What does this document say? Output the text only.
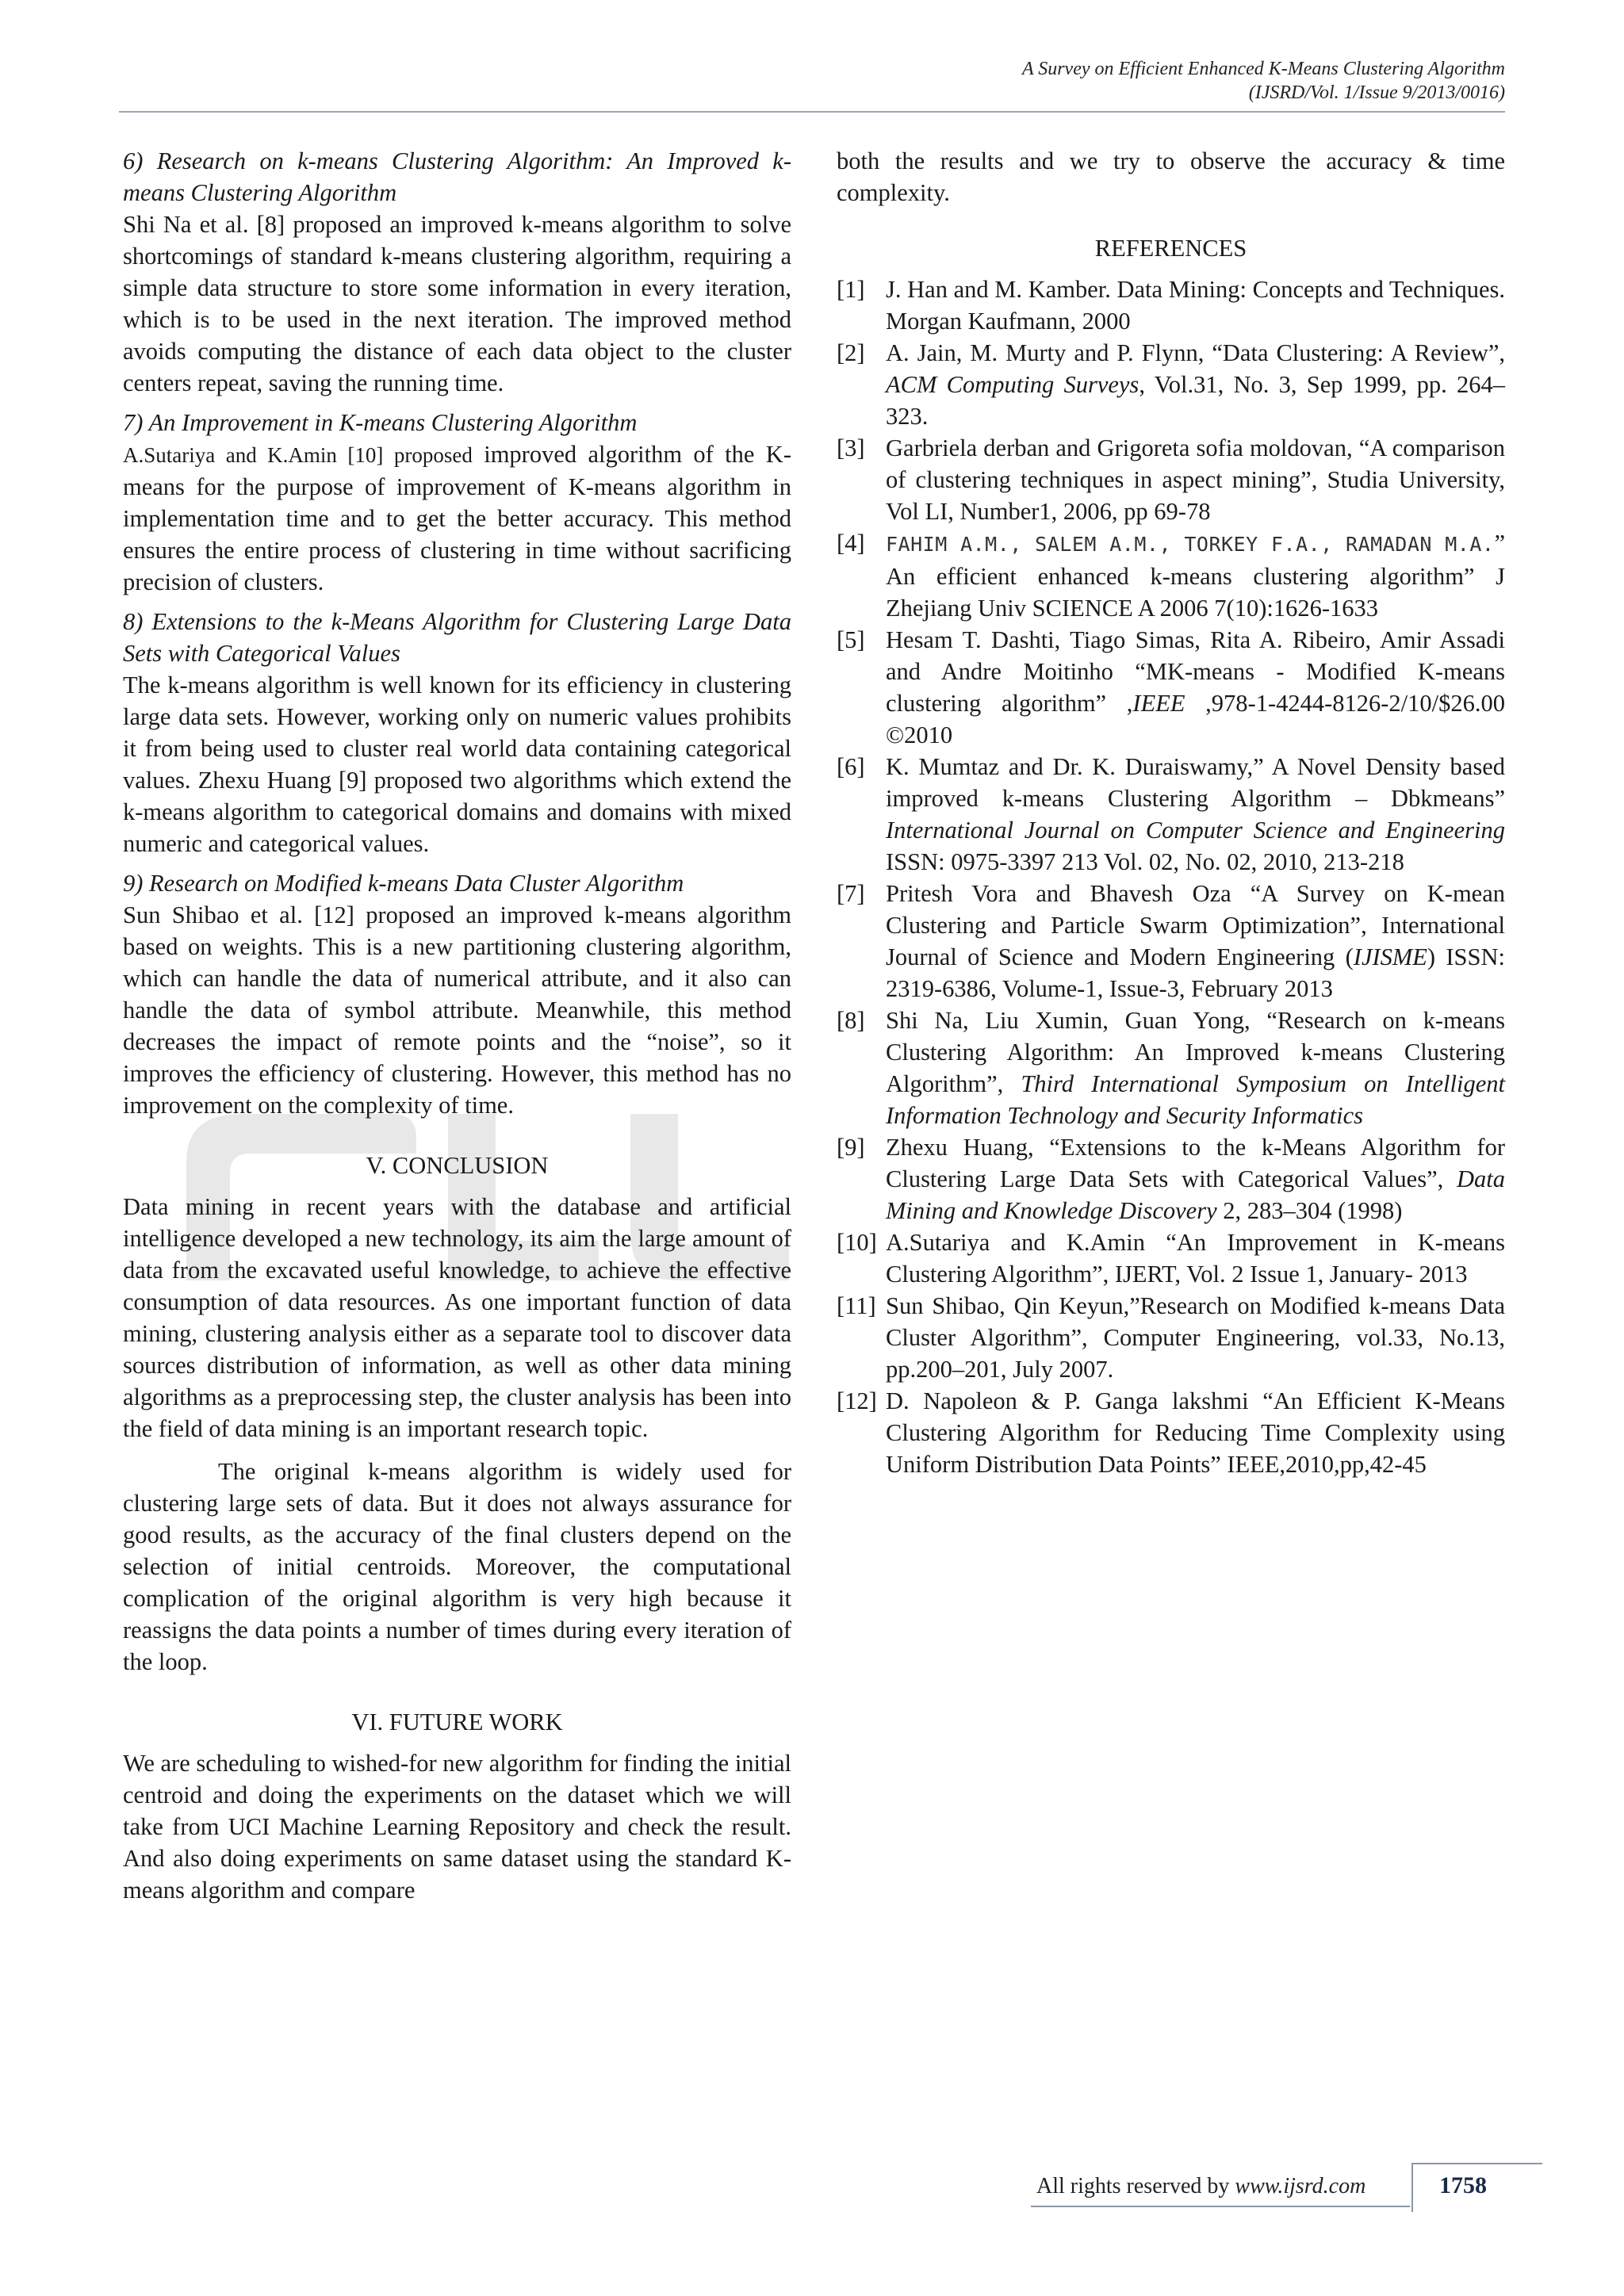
A Survey on Efficient Enhanced K-Means Clustering Algorithm
(IJSRD/Vol. 1/Issue 9/2013/0016)

6) Research on k-means Clustering Algorithm: An Improved k-means Clustering Algorithm

Shi Na et al. [8] proposed an improved k-means algorithm to solve shortcomings of standard k-means clustering algorithm, requiring a simple data structure to store some information in every iteration, which is to be used in the next iteration. The improved method avoids computing the distance of each data object to the cluster centers repeat, saving the running time.

7) An Improvement in K-means Clustering Algorithm

A.Sutariya and K.Amin [10] proposed improved algorithm of the K-means for the purpose of improvement of K-means algorithm in implementation time and to get the better accuracy. This method ensures the entire process of clustering in time without sacrificing precision of clusters.

8) Extensions to the k-Means Algorithm for Clustering Large Data Sets with Categorical Values

The k-means algorithm is well known for its efficiency in clustering large data sets. However, working only on numeric values prohibits it from being used to cluster real world data containing categorical values. Zhexu Huang [9] proposed two algorithms which extend the k-means algorithm to categorical domains and domains with mixed numeric and categorical values.

9) Research on Modified k-means Data Cluster Algorithm

Sun Shibao et al. [12] proposed an improved k-means algorithm based on weights. This is a new partitioning clustering algorithm, which can handle the data of numerical attribute, and it also can handle the data of symbol attribute. Meanwhile, this method decreases the impact of remote points and the “noise”, so it improves the efficiency of clustering. However, this method has no improvement on the complexity of time.

V. CONCLUSION

Data mining in recent years with the database and artificial intelligence developed a new technology, its aim the large amount of data from the excavated useful knowledge, to achieve the effective consumption of data resources. As one important function of data mining, clustering analysis either as a separate tool to discover data sources distribution of information, as well as other data mining algorithms as a preprocessing step, the cluster analysis has been into the field of data mining is an important research topic.

The original k-means algorithm is widely used for clustering large sets of data. But it does not always assurance for good results, as the accuracy of the final clusters depend on the selection of initial centroids. Moreover, the computational complication of the original algorithm is very high because it reassigns the data points a number of times during every iteration of the loop.

VI. FUTURE WORK

We are scheduling to wished-for new algorithm for finding the initial centroid and doing the experiments on the dataset which we will take from UCI Machine Learning Repository and check the result. And also doing experiments on same dataset using the standard K-means algorithm and compare

both the results and we try to observe the accuracy & time complexity.

REFERENCES

[1] J. Han and M. Kamber. Data Mining: Concepts and Techniques. Morgan Kaufmann, 2000
[2] A. Jain, M. Murty and P. Flynn, “Data Clustering: A Review”, ACM Computing Surveys, Vol.31, No. 3, Sep 1999, pp. 264–323.
[3] Garbriela derban and Grigoreta sofia moldovan, “A comparison of clustering techniques in aspect mining”, Studia University, Vol LI, Number1, 2006, pp 69-78
[4]	FAHIM A.M., SALEM A.M., TORKEY F.A., RAMADAN M.A.” An efficient enhanced k-means clustering algorithm” J Zhejiang Univ SCIENCE A 2006 7(10):1626-1633
[5] Hesam T. Dashti, Tiago Simas, Rita A. Ribeiro, Amir Assadi and Andre Moitinho “MK-means - Modified K-means clustering algorithm” ,IEEE ,978-1-4244-8126-2/10/$26.00 ©2010
[6] K. Mumtaz and Dr. K. Duraiswamy,” A Novel Density based improved k-means Clustering Algorithm – Dbkmeans” International Journal on Computer Science and Engineering ISSN: 0975-3397 213 Vol. 02, No. 02, 2010, 213-218
[7] Pritesh Vora and Bhavesh Oza “A Survey on K-mean Clustering and Particle Swarm Optimization”, International Journal of Science and Modern Engineering (IJISME) ISSN: 2319-6386, Volume-1, Issue-3, February 2013
[8] Shi Na, Liu Xumin, Guan Yong, “Research on k-means Clustering Algorithm: An Improved k-means Clustering Algorithm”, Third International Symposium on Intelligent Information Technology and Security Informatics
[9] Zhexu Huang, “Extensions to the k-Means Algorithm for Clustering Large Data Sets with Categorical Values”, Data Mining and Knowledge Discovery 2, 283–304 (1998)
[10] A.Sutariya and K.Amin “An Improvement in K-means Clustering Algorithm”, IJERT, Vol. 2 Issue 1, January- 2013
[11] Sun Shibao, Qin Keyun,”Research on Modified k-means Data Cluster Algorithm”, Computer Engineering, vol.33, No.13, pp.200–201, July 2007.
[12] D. Napoleon & P. Ganga lakshmi “An Efficient K-Means Clustering Algorithm for Reducing Time Complexity using Uniform Distribution Data Points” IEEE,2010,pp,42-45
All rights reserved by www.ijsrd.com	1758
